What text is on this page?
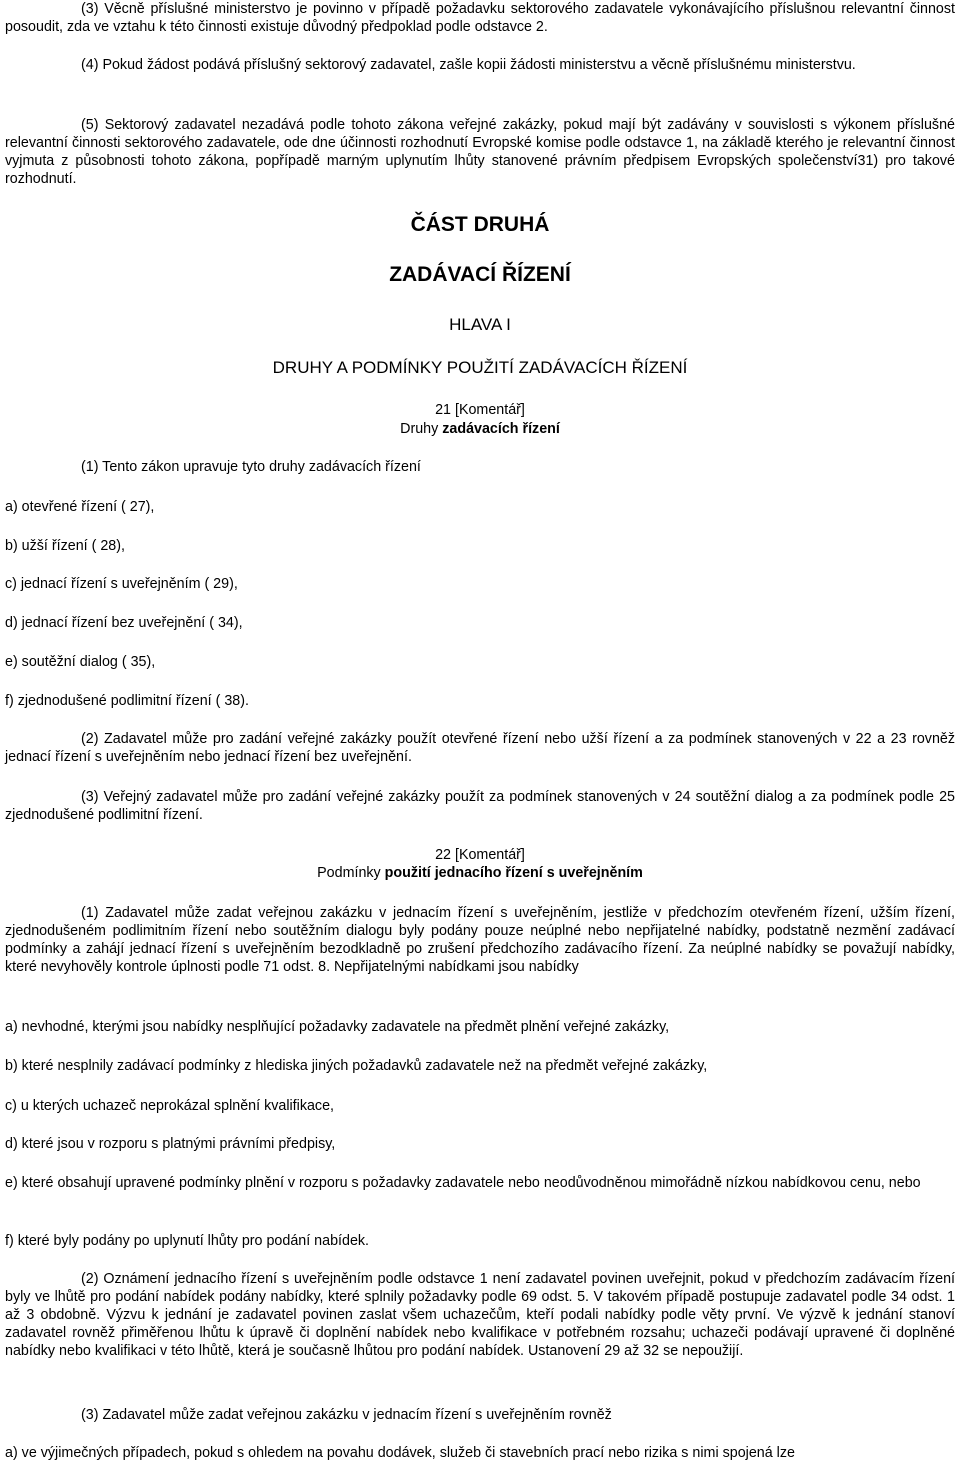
(3) Věcně příslušné ministerstvo je povinno v případě požadavku sektorového zadavatele vykonávajícího příslušnou relevantní činnost posoudit, zda ve vztahu k této činnosti existuje důvodný předpoklad podle odstavce 2.

(4) Pokud žádost podává příslušný sektorový zadavatel, zašle kopii žádosti ministerstvu a věcně příslušnému ministerstvu.

(5) Sektorový zadavatel nezadává podle tohoto zákona veřejné zakázky, pokud mají být zadávány v souvislosti s výkonem příslušné relevantní činnosti sektorového zadavatele, ode dne účinnosti rozhodnutí Evropské komise podle odstavce 1, na základě kterého je relevantní činnost vyjmuta z působnosti tohoto zákona, popřípadě marným uplynutím lhůty stanovené právním předpisem Evropských společenství31) pro takové rozhodnutí.

ČÁST DRUHÁ

ZADÁVACÍ ŘÍZENÍ

HLAVA I

DRUHY A PODMÍNKY POUŽITÍ ZADÁVACÍCH ŘÍZENÍ

21 [Komentář]

Druhy zadávacích řízení

(1) Tento zákon upravuje tyto druhy zadávacích řízení

a) otevřené řízení ( 27),

b) užší řízení ( 28),

c) jednací řízení s uveřejněním ( 29),

d) jednací řízení bez uveřejnění ( 34),

e) soutěžní dialog ( 35),

f) zjednodušené podlimitní řízení ( 38).

(2) Zadavatel může pro zadání veřejné zakázky použít otevřené řízení nebo užší řízení a za podmínek stanovených v 22 a 23 rovněž jednací řízení s uveřejněním nebo jednací řízení bez uveřejnění.

(3) Veřejný zadavatel může pro zadání veřejné zakázky použít za podmínek stanovených v 24 soutěžní dialog a za podmínek podle 25 zjednodušené podlimitní řízení.

22 [Komentář]

Podmínky použití jednacího řízení s uveřejněním

(1) Zadavatel může zadat veřejnou zakázku v jednacím řízení s uveřejněním, jestliže v předchozím otevřeném řízení, užším řízení, zjednodušeném podlimitním řízení nebo soutěžním dialogu byly podány pouze neúplné nebo nepřijatelné nabídky, podstatně nezmění zadávací podmínky a zahájí jednací řízení s uveřejněním bezodkladně po zrušení předchozího zadávacího řízení. Za neúplné nabídky se považují nabídky, které nevyhověly kontrole úplnosti podle 71 odst. 8. Nepřijatelnými nabídkami jsou nabídky

a) nevhodné, kterými jsou nabídky nesplňující požadavky zadavatele na předmět plnění veřejné zakázky,

b) které nesplnily zadávací podmínky z hlediska jiných požadavků zadavatele než na předmět veřejné zakázky,

c) u kterých uchazeč neprokázal splnění kvalifikace,

d) které jsou v rozporu s platnými právními předpisy,

e) které obsahují upravené podmínky plnění v rozporu s požadavky zadavatele nebo neodůvodněnou mimořádně nízkou nabídkovou cenu, nebo

f) které byly podány po uplynutí lhůty pro podání nabídek.

(2) Oznámení jednacího řízení s uveřejněním podle odstavce 1 není zadavatel povinen uveřejnit, pokud v předchozím zadávacím řízení byly ve lhůtě pro podání nabídek podány nabídky, které splnily požadavky podle 69 odst. 5. V takovém případě postupuje zadavatel podle 34 odst. 1 až 3 obdobně. Výzvu k jednání je zadavatel povinen zaslat všem uchazečům, kteří podali nabídky podle věty první. Ve výzvě k jednání stanoví zadavatel rovněž přiměřenou lhůtu k úpravě či doplnění nabídek nebo kvalifikace v potřebném rozsahu; uchazeči podávají upravené či doplněné nabídky nebo kvalifikaci v této lhůtě, která je současně lhůtou pro podání nabídek. Ustanovení 29 až 32 se nepoužijí.

(3) Zadavatel může zadat veřejnou zakázku v jednacím řízení s uveřejněním rovněž

a) ve výjimečných případech, pokud s ohledem na povahu dodávek, služeb či stavebních prací nebo rizika s nimi spojená lze
